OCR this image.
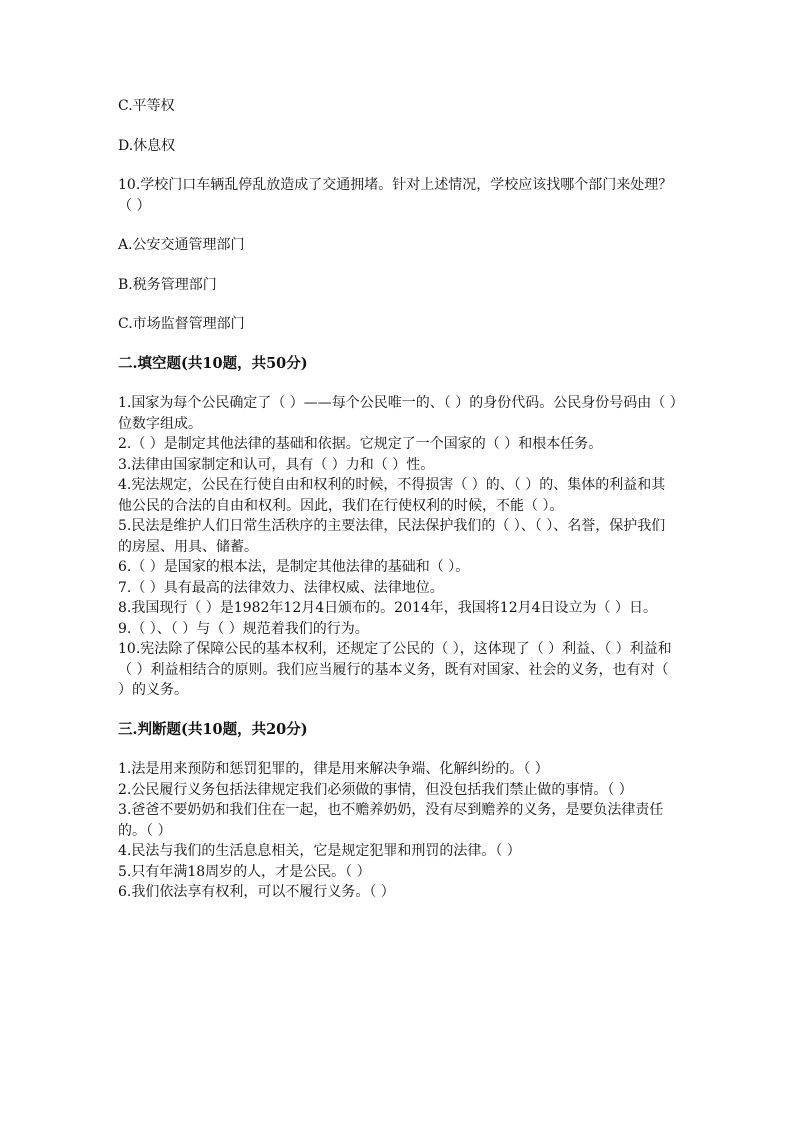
C.平等权

D.休息权

10.学校门口车辆乱停乱放造成了交通拥堵。针对上述情况，学校应该找哪个部门来处理？（ ）

A.公安交通管理部门

B.税务管理部门

C.市场监督管理部门

二.填空题(共10题，共50分)

1.国家为每个公民确定了（ ）——每个公民唯一的、（ ）的身份代码。公民身份号码由（ ）位数字组成。

2.（ ）是制定其他法律的基础和依据。它规定了一个国家的（ ）和根本任务。

3.法律由国家制定和认可，具有（ ）力和（ ）性。

4.宪法规定，公民在行使自由和权利的时候，不得损害（ ）的、（ ）的、集体的利益和其他公民的合法的自由和权利。因此，我们在行使权利的时候，不能（ ）。

5.民法是维护人们日常生活秩序的主要法律，民法保护我们的（ ）、（ ）、名誉，保护我们的房屋、用具、储蓄。

6.（ ）是国家的根本法，是制定其他法律的基础和（ ）。

7.（ ）具有最高的法律效力、法律权威、法律地位。

8.我国现行（ ）是1982年12月4日颁布的。2014年，我国将12月4日设立为（ ）日。

9.（ ）、（ ）与（ ）规范着我们的行为。

10.宪法除了保障公民的基本权利，还规定了公民的（ ），这体现了（ ）利益、（ ）利益和（ ）利益相结合的原则。我们应当履行的基本义务，既有对国家、社会的义务，也有对（ ）的义务。

三.判断题(共10题，共20分)

1.法是用来预防和惩罚犯罪的，律是用来解决争端、化解纠纷的。（ ）

2.公民履行义务包括法律规定我们必须做的事情，但没包括我们禁止做的事情。（ ）

3.爸爸不要奶奶和我们住在一起，也不赡养奶奶，没有尽到赡养的义务，是要负法律责任的。（ ）

4.民法与我们的生活息息相关，它是规定犯罪和刑罚的法律。（ ）

5.只有年满18周岁的人，才是公民。（ ）

6.我们依法享有权利，可以不履行义务。（ ）
